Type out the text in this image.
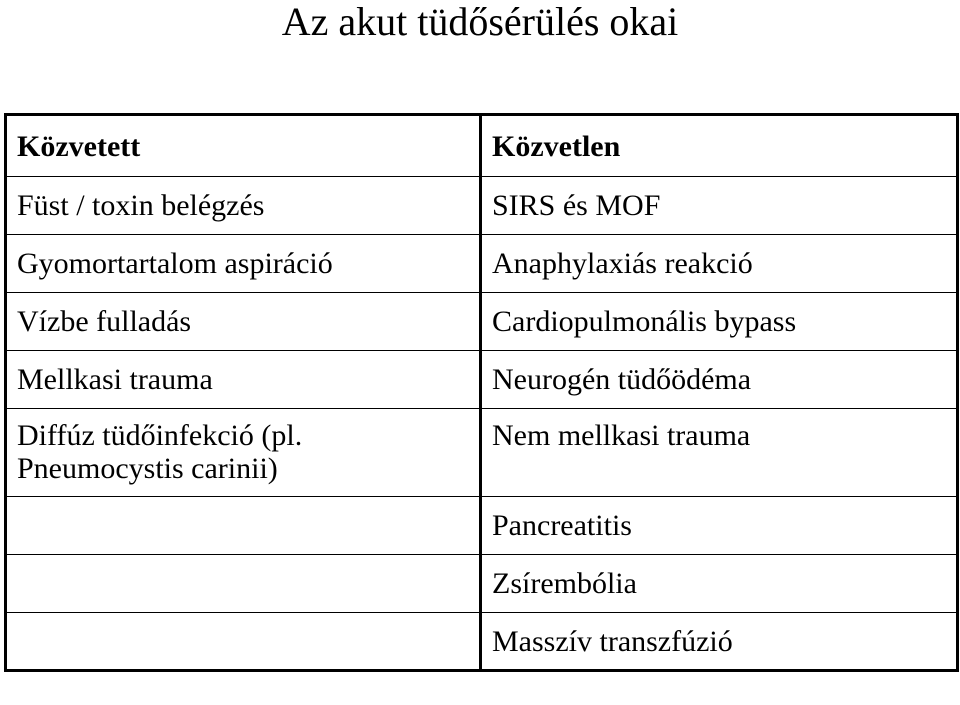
Az akut tüdősérülés okai
Közvetett	Közvetlen
Füst / toxin belégzés	SIRS és MOF
Gyomortartalom aspiráció	Anaphylaxiás reakció
Vízbe fulladás	Cardiopulmonális bypass
Mellkasi trauma	Neurogén tüdőödéma
Diffúz tüdőinfekció (pl. Pneumocystis carinii)	Nem mellkasi trauma
	Pancreatitis
	Zsírembólia
	Masszív transzfúzió
